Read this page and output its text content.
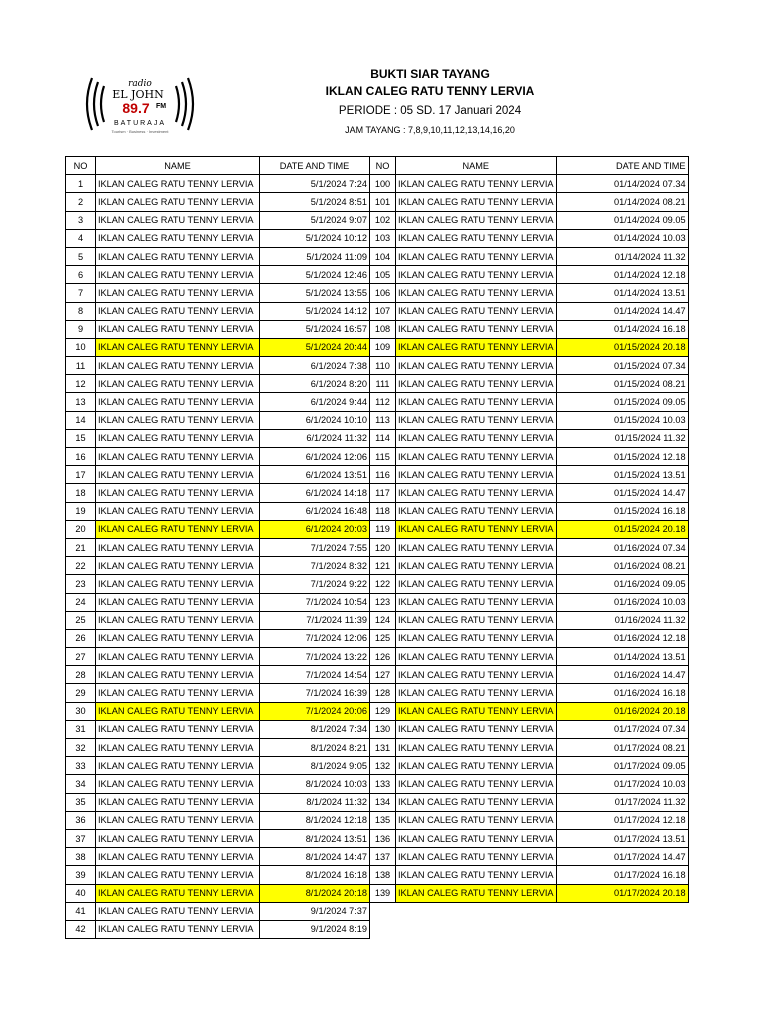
radio
EL JOHN
89.7 FM
BATURAJA
Tourism · Business · Investment
BUKTI SIAR TAYANG
IKLAN CALEG RATU TENNY LERVIA
PERIODE : 05 SD. 17 Januari 2024
JAM TAYANG : 7,8,9,10,11,12,13,14,16,20
NO	NAME	DATE AND TIME	NO	NAME	DATE AND TIME
1	IKLAN CALEG RATU TENNY LERVIA	5/1/2024 7:24	100	IKLAN CALEG RATU TENNY LERVIA	01/14/2024 07.34
2	IKLAN CALEG RATU TENNY LERVIA	5/1/2024 8:51	101	IKLAN CALEG RATU TENNY LERVIA	01/14/2024 08.21
3	IKLAN CALEG RATU TENNY LERVIA	5/1/2024 9:07	102	IKLAN CALEG RATU TENNY LERVIA	01/14/2024 09.05
4	IKLAN CALEG RATU TENNY LERVIA	5/1/2024 10:12	103	IKLAN CALEG RATU TENNY LERVIA	01/14/2024 10.03
5	IKLAN CALEG RATU TENNY LERVIA	5/1/2024 11:09	104	IKLAN CALEG RATU TENNY LERVIA	01/14/2024 11.32
6	IKLAN CALEG RATU TENNY LERVIA	5/1/2024 12:46	105	IKLAN CALEG RATU TENNY LERVIA	01/14/2024 12.18
7	IKLAN CALEG RATU TENNY LERVIA	5/1/2024 13:55	106	IKLAN CALEG RATU TENNY LERVIA	01/14/2024 13.51
8	IKLAN CALEG RATU TENNY LERVIA	5/1/2024 14:12	107	IKLAN CALEG RATU TENNY LERVIA	01/14/2024 14.47
9	IKLAN CALEG RATU TENNY LERVIA	5/1/2024 16:57	108	IKLAN CALEG RATU TENNY LERVIA	01/14/2024 16.18
10	IKLAN CALEG RATU TENNY LERVIA	5/1/2024 20:44	109	IKLAN CALEG RATU TENNY LERVIA	01/15/2024 20.18
11	IKLAN CALEG RATU TENNY LERVIA	6/1/2024 7:38	110	IKLAN CALEG RATU TENNY LERVIA	01/15/2024 07.34
12	IKLAN CALEG RATU TENNY LERVIA	6/1/2024 8:20	111	IKLAN CALEG RATU TENNY LERVIA	01/15/2024 08.21
13	IKLAN CALEG RATU TENNY LERVIA	6/1/2024 9:44	112	IKLAN CALEG RATU TENNY LERVIA	01/15/2024 09.05
14	IKLAN CALEG RATU TENNY LERVIA	6/1/2024 10:10	113	IKLAN CALEG RATU TENNY LERVIA	01/15/2024 10.03
15	IKLAN CALEG RATU TENNY LERVIA	6/1/2024 11:32	114	IKLAN CALEG RATU TENNY LERVIA	01/15/2024 11.32
16	IKLAN CALEG RATU TENNY LERVIA	6/1/2024 12:06	115	IKLAN CALEG RATU TENNY LERVIA	01/15/2024 12.18
17	IKLAN CALEG RATU TENNY LERVIA	6/1/2024 13:51	116	IKLAN CALEG RATU TENNY LERVIA	01/15/2024 13.51
18	IKLAN CALEG RATU TENNY LERVIA	6/1/2024 14:18	117	IKLAN CALEG RATU TENNY LERVIA	01/15/2024 14.47
19	IKLAN CALEG RATU TENNY LERVIA	6/1/2024 16:48	118	IKLAN CALEG RATU TENNY LERVIA	01/15/2024 16.18
20	IKLAN CALEG RATU TENNY LERVIA	6/1/2024 20:03	119	IKLAN CALEG RATU TENNY LERVIA	01/15/2024 20.18
21	IKLAN CALEG RATU TENNY LERVIA	7/1/2024 7:55	120	IKLAN CALEG RATU TENNY LERVIA	01/16/2024 07.34
22	IKLAN CALEG RATU TENNY LERVIA	7/1/2024 8:32	121	IKLAN CALEG RATU TENNY LERVIA	01/16/2024 08.21
23	IKLAN CALEG RATU TENNY LERVIA	7/1/2024 9:22	122	IKLAN CALEG RATU TENNY LERVIA	01/16/2024 09.05
24	IKLAN CALEG RATU TENNY LERVIA	7/1/2024 10:54	123	IKLAN CALEG RATU TENNY LERVIA	01/16/2024 10.03
25	IKLAN CALEG RATU TENNY LERVIA	7/1/2024 11:39	124	IKLAN CALEG RATU TENNY LERVIA	01/16/2024 11.32
26	IKLAN CALEG RATU TENNY LERVIA	7/1/2024 12:06	125	IKLAN CALEG RATU TENNY LERVIA	01/16/2024 12.18
27	IKLAN CALEG RATU TENNY LERVIA	7/1/2024 13:22	126	IKLAN CALEG RATU TENNY LERVIA	01/14/2024 13.51
28	IKLAN CALEG RATU TENNY LERVIA	7/1/2024 14:54	127	IKLAN CALEG RATU TENNY LERVIA	01/16/2024 14.47
29	IKLAN CALEG RATU TENNY LERVIA	7/1/2024 16:39	128	IKLAN CALEG RATU TENNY LERVIA	01/16/2024 16.18
30	IKLAN CALEG RATU TENNY LERVIA	7/1/2024 20:06	129	IKLAN CALEG RATU TENNY LERVIA	01/16/2024 20.18
31	IKLAN CALEG RATU TENNY LERVIA	8/1/2024 7:34	130	IKLAN CALEG RATU TENNY LERVIA	01/17/2024 07.34
32	IKLAN CALEG RATU TENNY LERVIA	8/1/2024 8:21	131	IKLAN CALEG RATU TENNY LERVIA	01/17/2024 08.21
33	IKLAN CALEG RATU TENNY LERVIA	8/1/2024 9:05	132	IKLAN CALEG RATU TENNY LERVIA	01/17/2024 09.05
34	IKLAN CALEG RATU TENNY LERVIA	8/1/2024 10:03	133	IKLAN CALEG RATU TENNY LERVIA	01/17/2024 10.03
35	IKLAN CALEG RATU TENNY LERVIA	8/1/2024 11:32	134	IKLAN CALEG RATU TENNY LERVIA	01/17/2024 11.32
36	IKLAN CALEG RATU TENNY LERVIA	8/1/2024 12:18	135	IKLAN CALEG RATU TENNY LERVIA	01/17/2024 12.18
37	IKLAN CALEG RATU TENNY LERVIA	8/1/2024 13:51	136	IKLAN CALEG RATU TENNY LERVIA	01/17/2024 13.51
38	IKLAN CALEG RATU TENNY LERVIA	8/1/2024 14:47	137	IKLAN CALEG RATU TENNY LERVIA	01/17/2024 14.47
39	IKLAN CALEG RATU TENNY LERVIA	8/1/2024 16:18	138	IKLAN CALEG RATU TENNY LERVIA	01/17/2024 16.18
40	IKLAN CALEG RATU TENNY LERVIA	8/1/2024 20:18	139	IKLAN CALEG RATU TENNY LERVIA	01/17/2024 20.18
41	IKLAN CALEG RATU TENNY LERVIA	9/1/2024 7:37			
42	IKLAN CALEG RATU TENNY LERVIA	9/1/2024 8:19			
